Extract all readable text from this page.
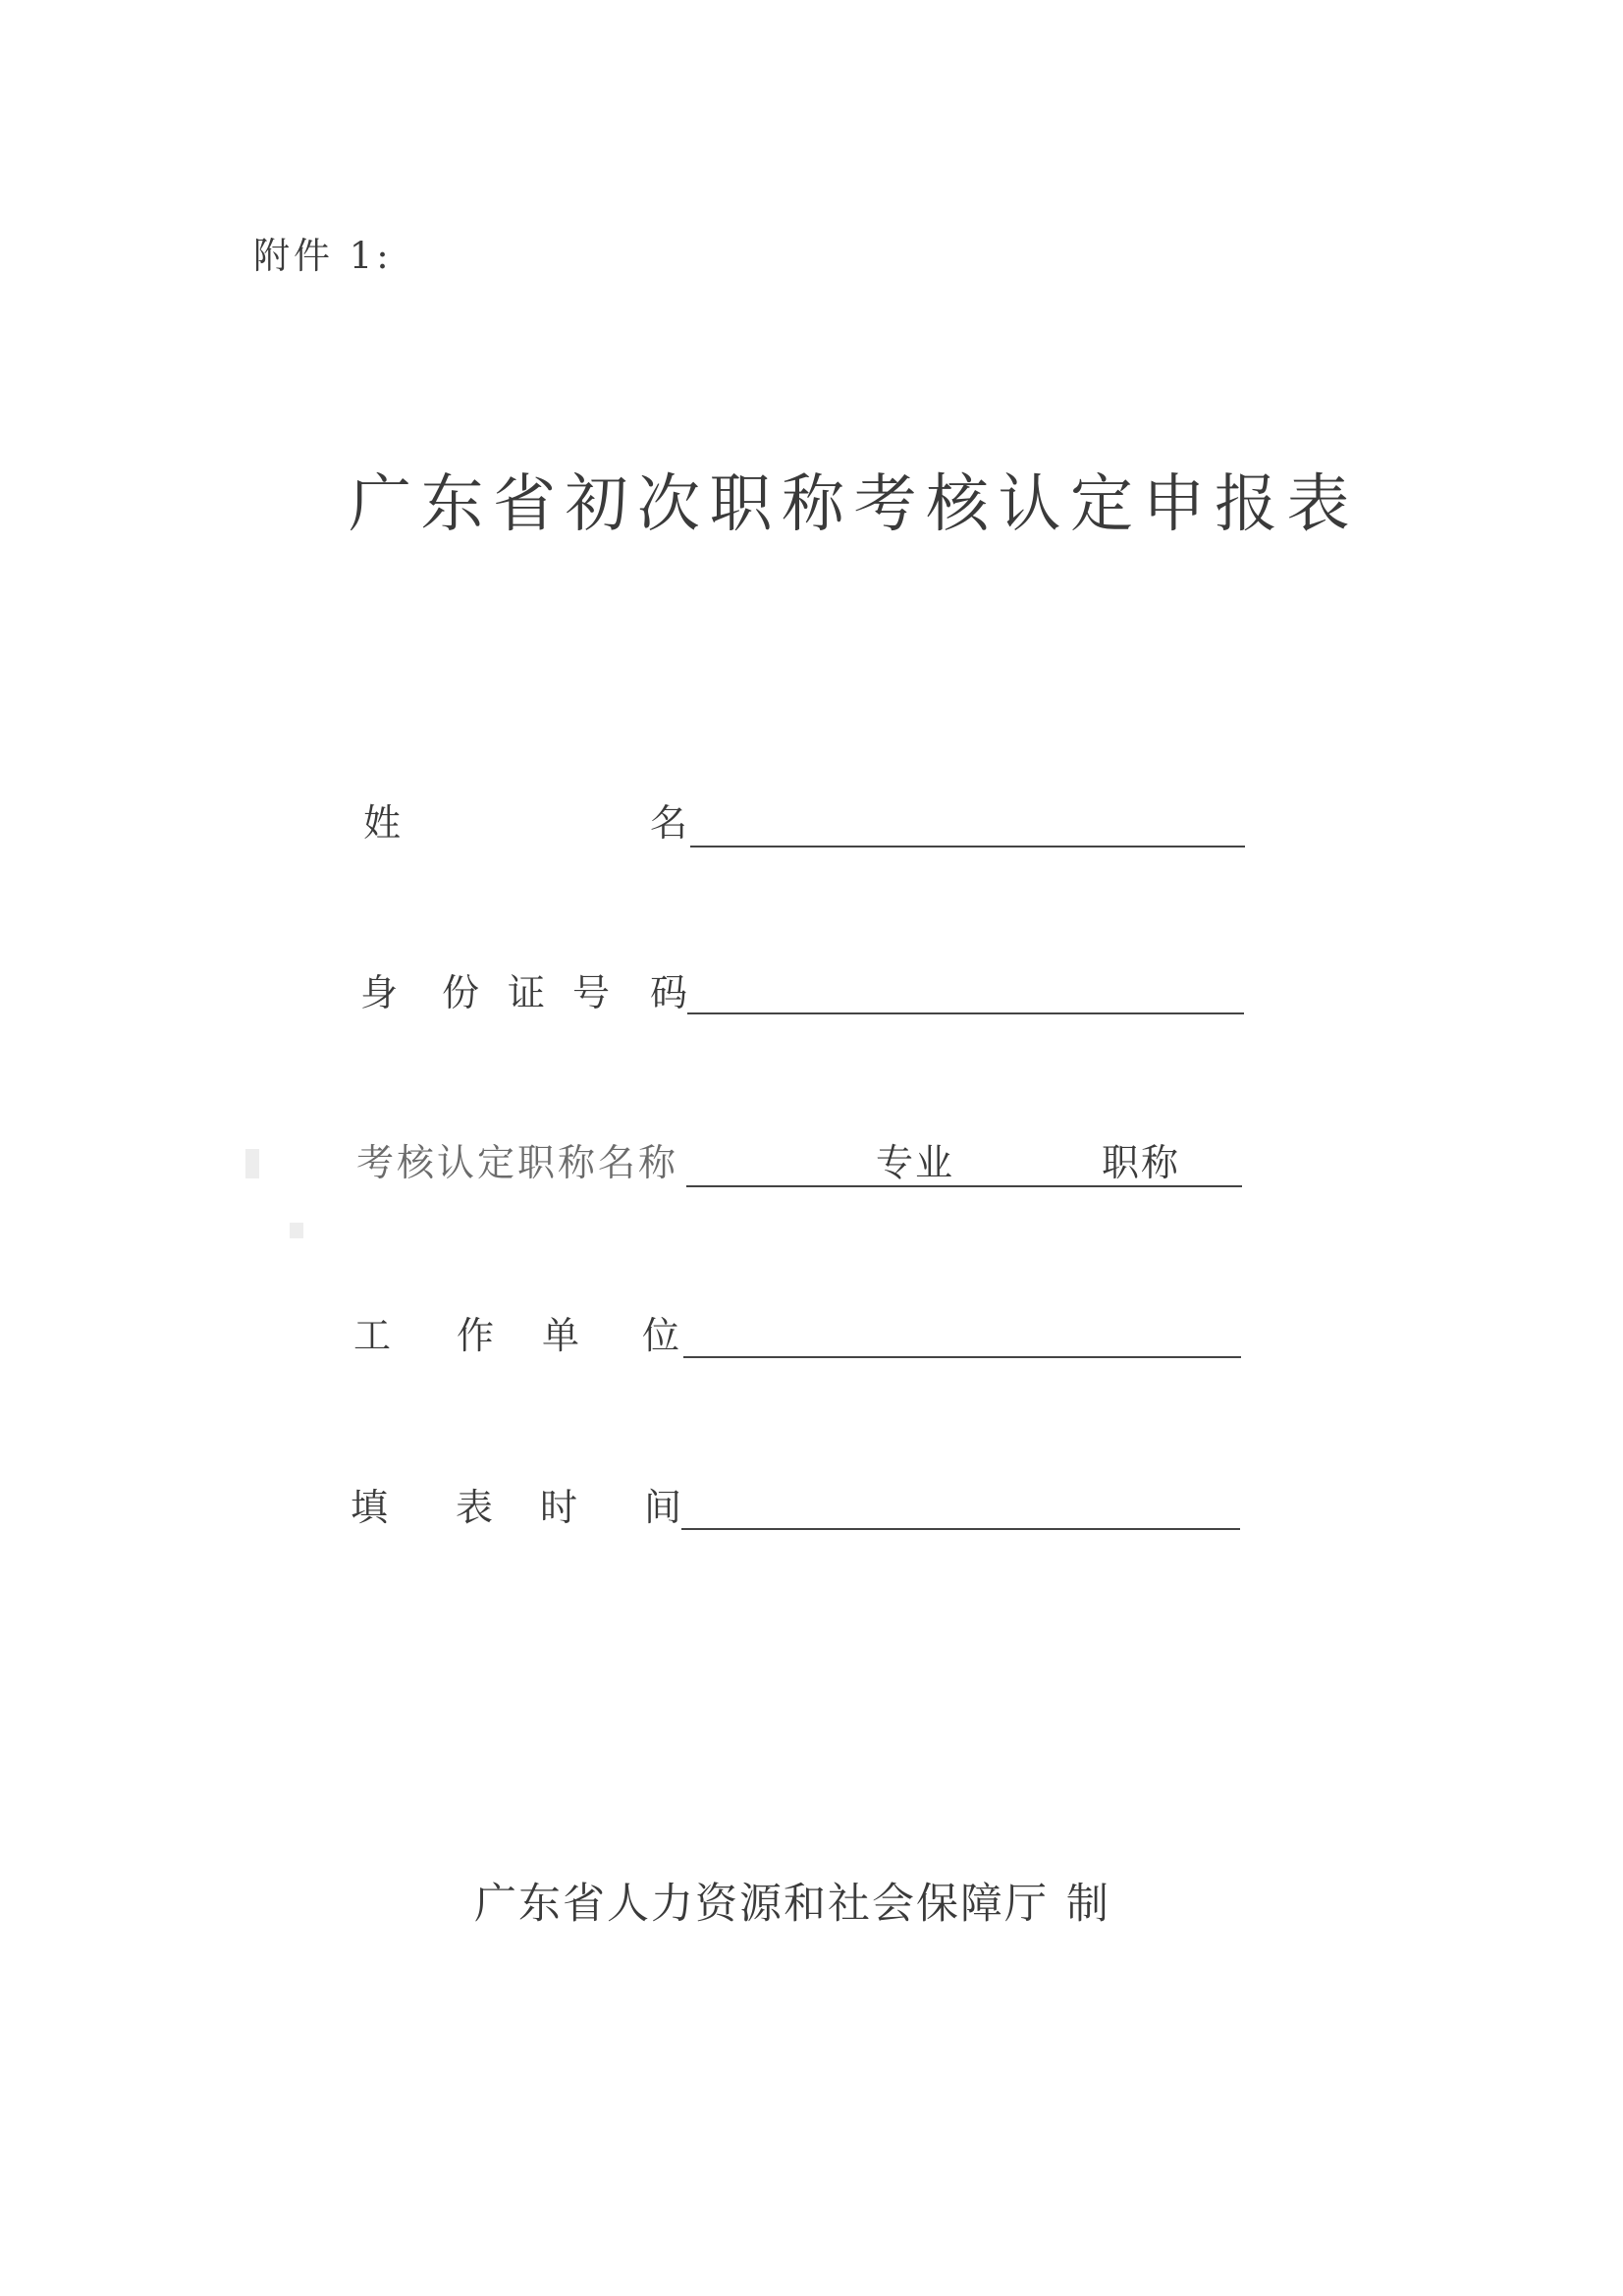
附件 1:
广东省初次职称考核认定申报表
姓	名
身 份 证 号 码
考核认定职称名称	专业	职称
工 作 单 位
填 表 时 间
广东省人力资源和社会保障厅 制
